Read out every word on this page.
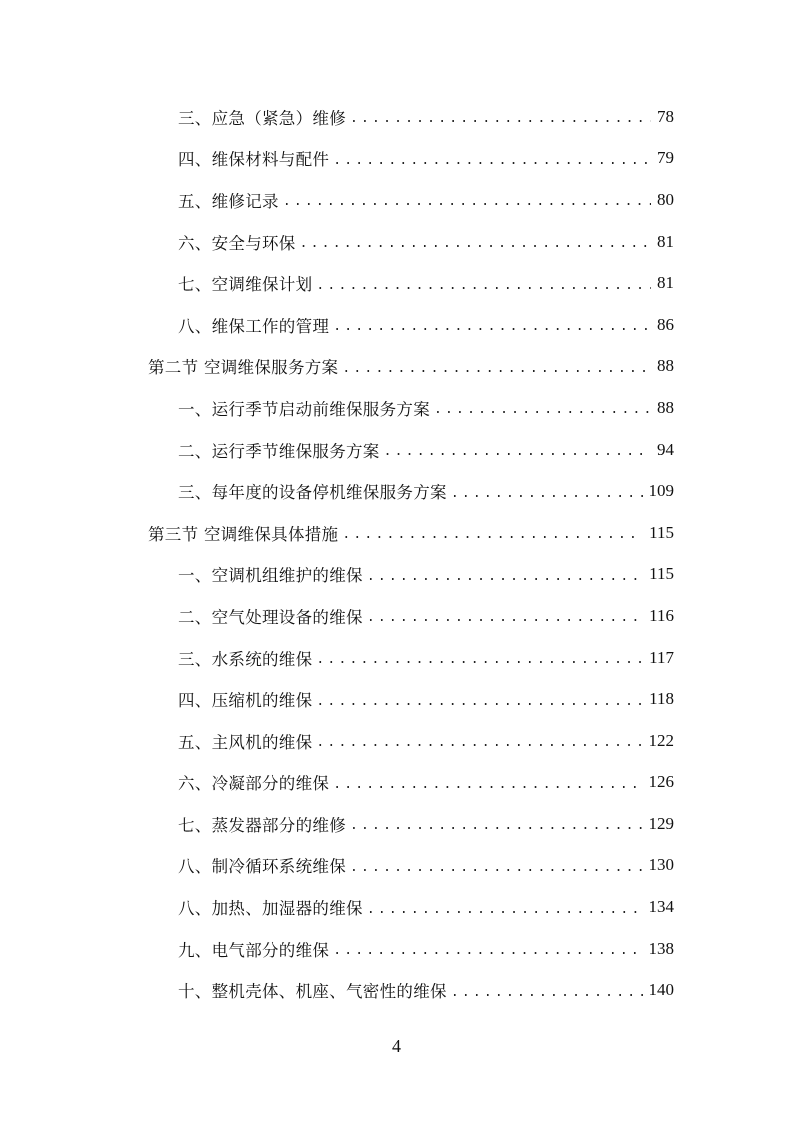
三、应急（紧急）维修 .....	78
四、维保材料与配件 .....	79
五、维修记录 .....	80
六、安全与环保 .....	81
七、空调维保计划 .....	81
八、维保工作的管理 .....	86
第二节 空调维保服务方案 .....	88
一、运行季节启动前维保服务方案 .....	88
二、运行季节维保服务方案 .....	94
三、每年度的设备停机维保服务方案 .....	109
第三节 空调维保具体措施 .....	115
一、空调机组维护的维保 .....	115
二、空气处理设备的维保 .....	116
三、水系统的维保 .....	117
四、压缩机的维保 .....	118
五、主风机的维保 .....	122
六、冷凝部分的维保 .....	126
七、蒸发器部分的维修 .....	129
八、制冷循环系统维保 .....	130
八、加热、加湿器的维保 .....	134
九、电气部分的维保 .....	138
十、整机壳体、机座、气密性的维保 .....	140
4
